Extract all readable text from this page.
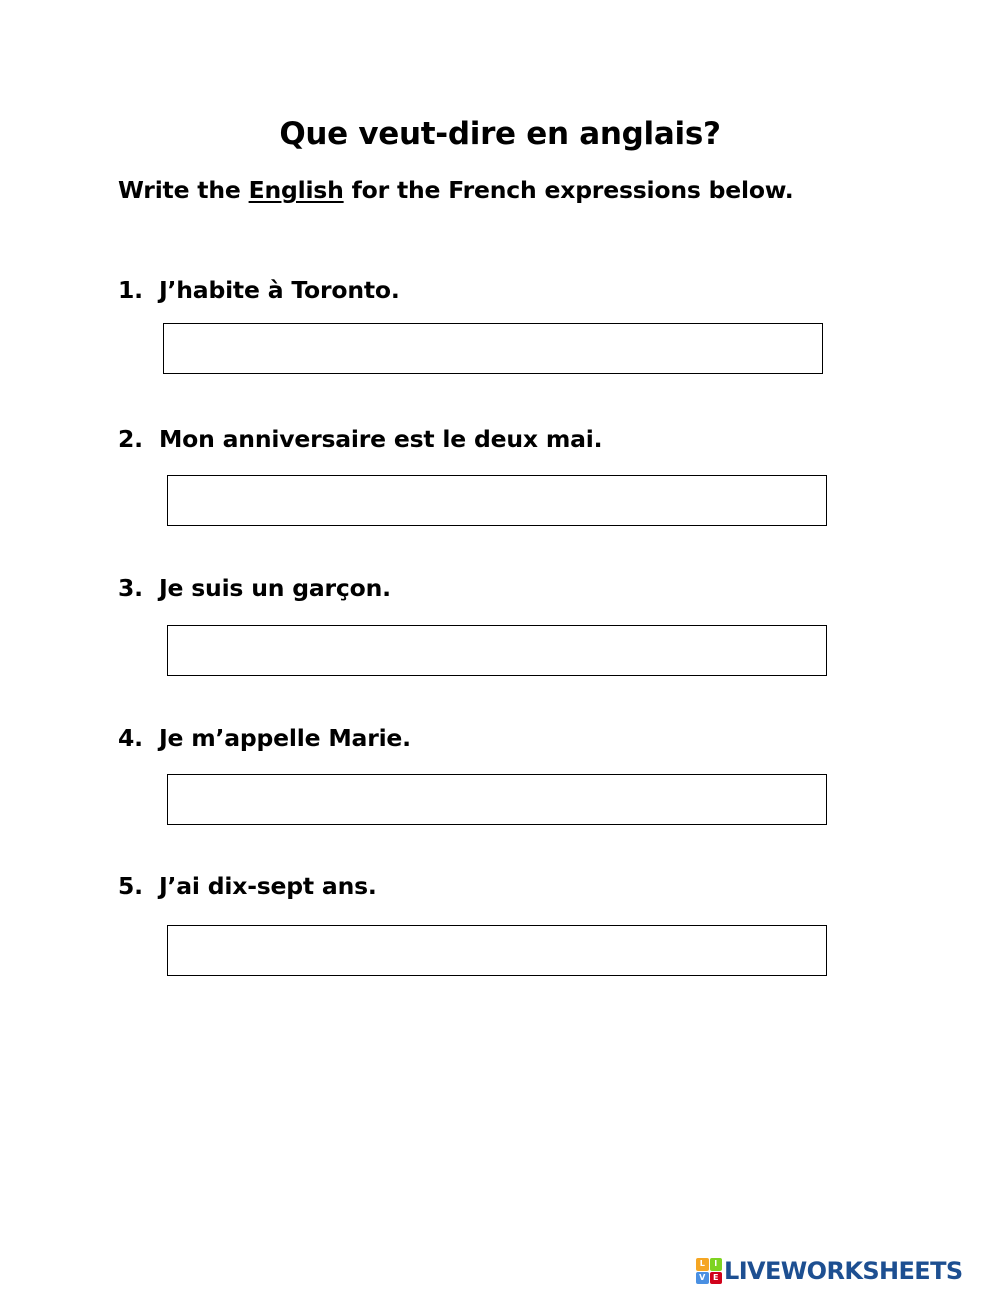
Que veut-dire en anglais?
Write the English for the French expressions below.
1. J’habite à Toronto.
2. Mon anniversaire est le deux mai.
3. Je suis un garçon.
4. Je m’appelle Marie.
5. J’ai dix-sept ans.
L	I
V E LIVEWORKSHEETS
